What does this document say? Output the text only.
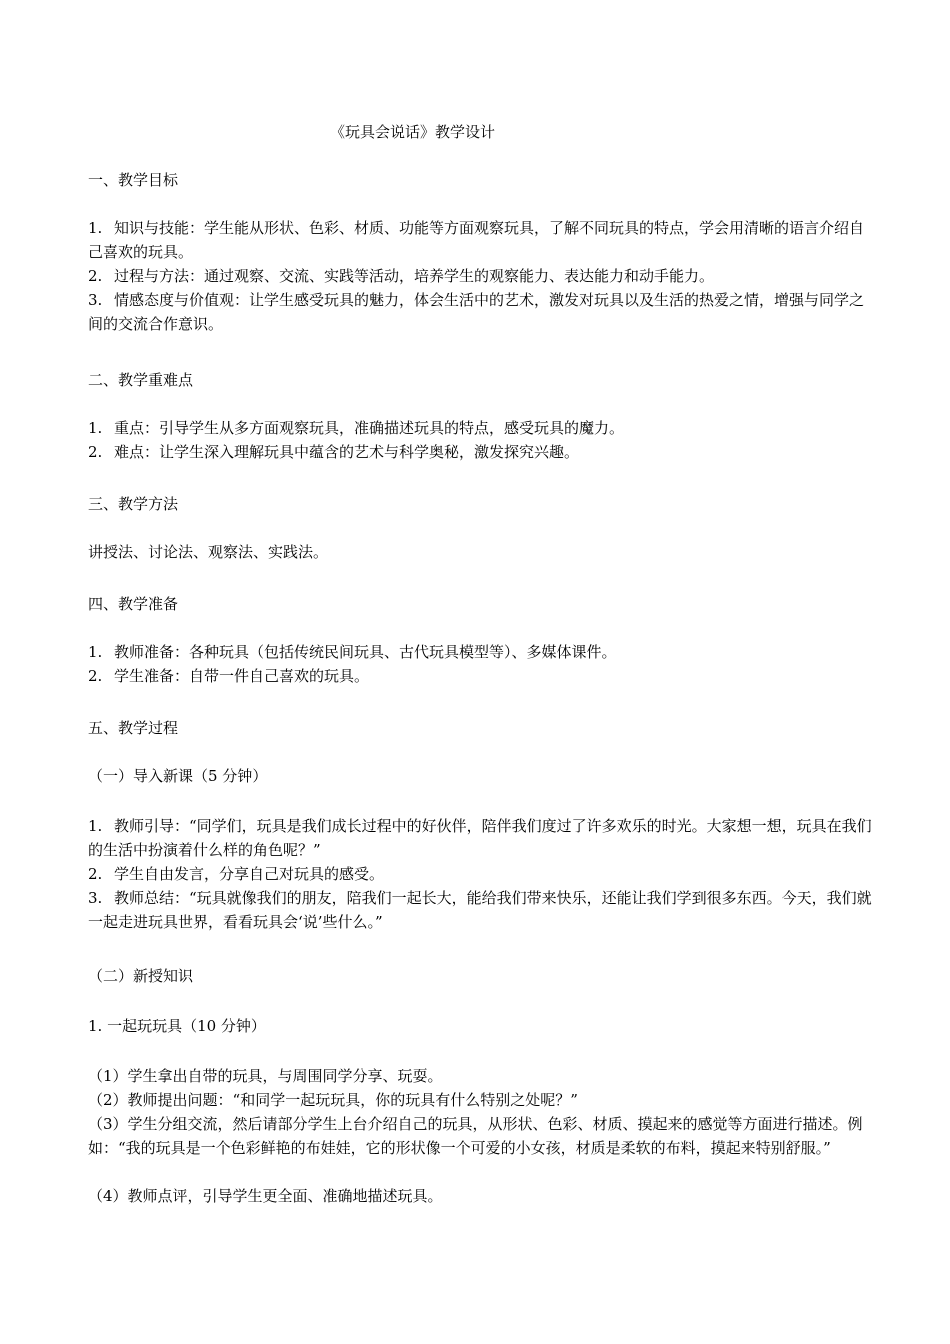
《玩具会说话》教学设计
一、教学目标
1. 知识与技能：学生能从形状、色彩、材质、功能等方面观察玩具，了解不同玩具的特点，学会用清晰的语言介绍自己喜欢的玩具。
2. 过程与方法：通过观察、交流、实践等活动，培养学生的观察能力、表达能力和动手能力。
3. 情感态度与价值观：让学生感受玩具的魅力，体会生活中的艺术，激发对玩具以及生活的热爱之情，增强与同学之间的交流合作意识。
二、教学重难点
1. 重点：引导学生从多方面观察玩具，准确描述玩具的特点，感受玩具的魔力。
2. 难点：让学生深入理解玩具中蕴含的艺术与科学奥秘，激发探究兴趣。
三、教学方法
讲授法、讨论法、观察法、实践法。
四、教学准备
1. 教师准备：各种玩具（包括传统民间玩具、古代玩具模型等）、多媒体课件。
2. 学生准备：自带一件自己喜欢的玩具。
五、教学过程
（一）导入新课（5 分钟）
1. 教师引导：“同学们，玩具是我们成长过程中的好伙伴，陪伴我们度过了许多欢乐的时光。大家想一想，玩具在我们的生活中扮演着什么样的角色呢？”
2. 学生自由发言，分享自己对玩具的感受。
3. 教师总结：“玩具就像我们的朋友，陪我们一起长大，能给我们带来快乐，还能让我们学到很多东西。今天，我们就一起走进玩具世界，看看玩具会‘说’些什么。”
（二）新授知识
1. 一起玩玩具（10 分钟）
（1）学生拿出自带的玩具，与周围同学分享、玩耍。
（2）教师提出问题：“和同学一起玩玩具，你的玩具有什么特别之处呢？”
（3）学生分组交流，然后请部分学生上台介绍自己的玩具，从形状、色彩、材质、摸起来的感觉等方面进行描述。例如：“我的玩具是一个色彩鲜艳的布娃娃，它的形状像一个可爱的小女孩，材质是柔软的布料，摸起来特别舒服。”
（4）教师点评，引导学生更全面、准确地描述玩具。
